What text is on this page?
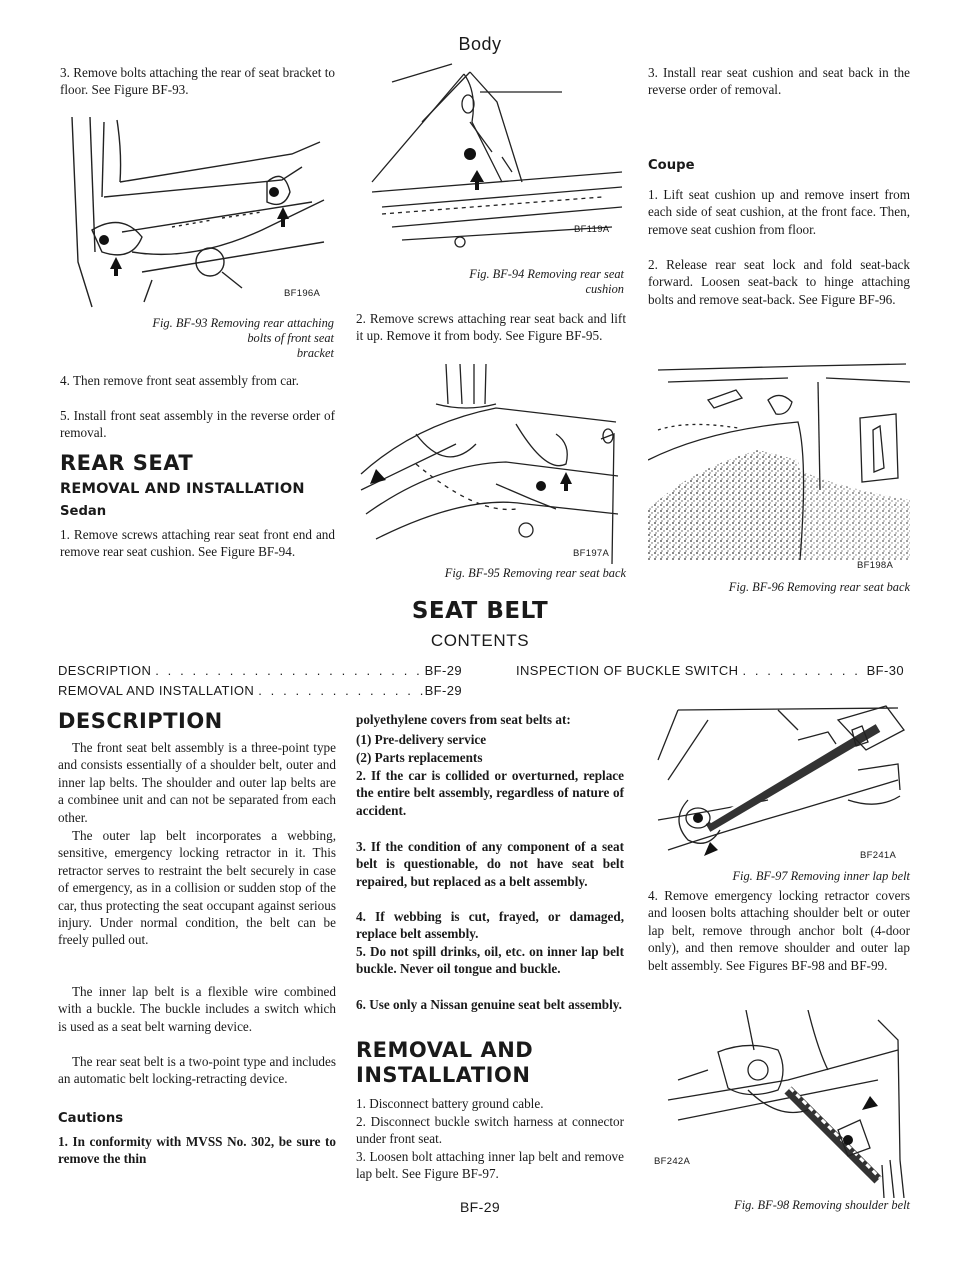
Body
3. Remove bolts attaching the rear of seat bracket to floor. See Figure BF-93.
BF196A
Fig. BF-93 Removing rear attaching
bolts of front seat
bracket
4. Then remove front seat assembly from car.
5. Install front seat assembly in the reverse order of removal.
REAR SEAT
REMOVAL AND INSTALLATION
Sedan
1. Remove screws attaching rear seat front end and remove rear seat cushion. See Figure BF-94.
BF119A
Fig. BF-94 Removing rear seat
cushion
2. Remove screws attaching rear seat back and lift it up. Remove it from body. See Figure BF-95.
BF197A
Fig. BF-95 Removing rear seat back
3. Install rear seat cushion and seat back in the reverse order of removal.
Coupe
1. Lift seat cushion up and remove insert from each side of seat cushion, at the front face. Then, remove seat cushion from floor.
2. Release rear seat lock and fold seat-back forward. Loosen seat-back to hinge attaching bolts and remove seat-back. See Figure BF-96.
BF198A
Fig. BF-96 Removing rear seat back
SEAT BELT
CONTENTS
DESCRIPTION . . .	BF-29
REMOVAL AND INSTALLATION . . .	BF-29
INSPECTION OF BUCKLE SWITCH . . .	BF-30
DESCRIPTION
The front seat belt assembly is a three-point type and consists essentially of a shoulder belt, outer and inner lap belts. The shoulder and outer lap belts are a combinee unit and can not be separated from each other.
The outer lap belt incorporates a webbing, sensitive, emergency locking retractor in it. This retractor serves to restraint the belt securely in case of emergency, as in a collision or sudden stop of the car, thus protecting the seat occupant against serious injury. Under normal condition, the belt can be freely pulled out.
The inner lap belt is a flexible wire combined with a buckle. The buckle includes a switch which is used as a seat belt warning device.
The rear seat belt is a two-point type and includes an automatic belt locking-retracting device.
Cautions
1. In conformity with MVSS No. 302, be sure to remove the thin
polyethylene covers from seat belts at:
(1) Pre-delivery service
(2) Parts replacements
2. If the car is collided or overturned, replace the entire belt assembly, regardless of nature of accident.
3. If the condition of any component of a seat belt is questionable, do not have seat belt repaired, but replaced as a belt assembly.
4. If webbing is cut, frayed, or damaged, replace belt assembly.
5. Do not spill drinks, oil, etc. on inner lap belt buckle. Never oil tongue and buckle.
6. Use only a Nissan genuine seat belt assembly.
REMOVAL AND
INSTALLATION
1. Disconnect battery ground cable.
2. Disconnect buckle switch harness at connector under front seat.
3. Loosen bolt attaching inner lap belt and remove lap belt. See Figure BF-97.
BF241A
Fig. BF-97 Removing inner lap belt
4. Remove emergency locking retractor covers and loosen bolts attaching shoulder belt or outer lap belt, remove through anchor bolt (4-door only), and then remove shoulder and outer lap belt assembly. See Figures BF-98 and BF-99.
BF242A
Fig. BF-98 Removing shoulder belt
BF-29
